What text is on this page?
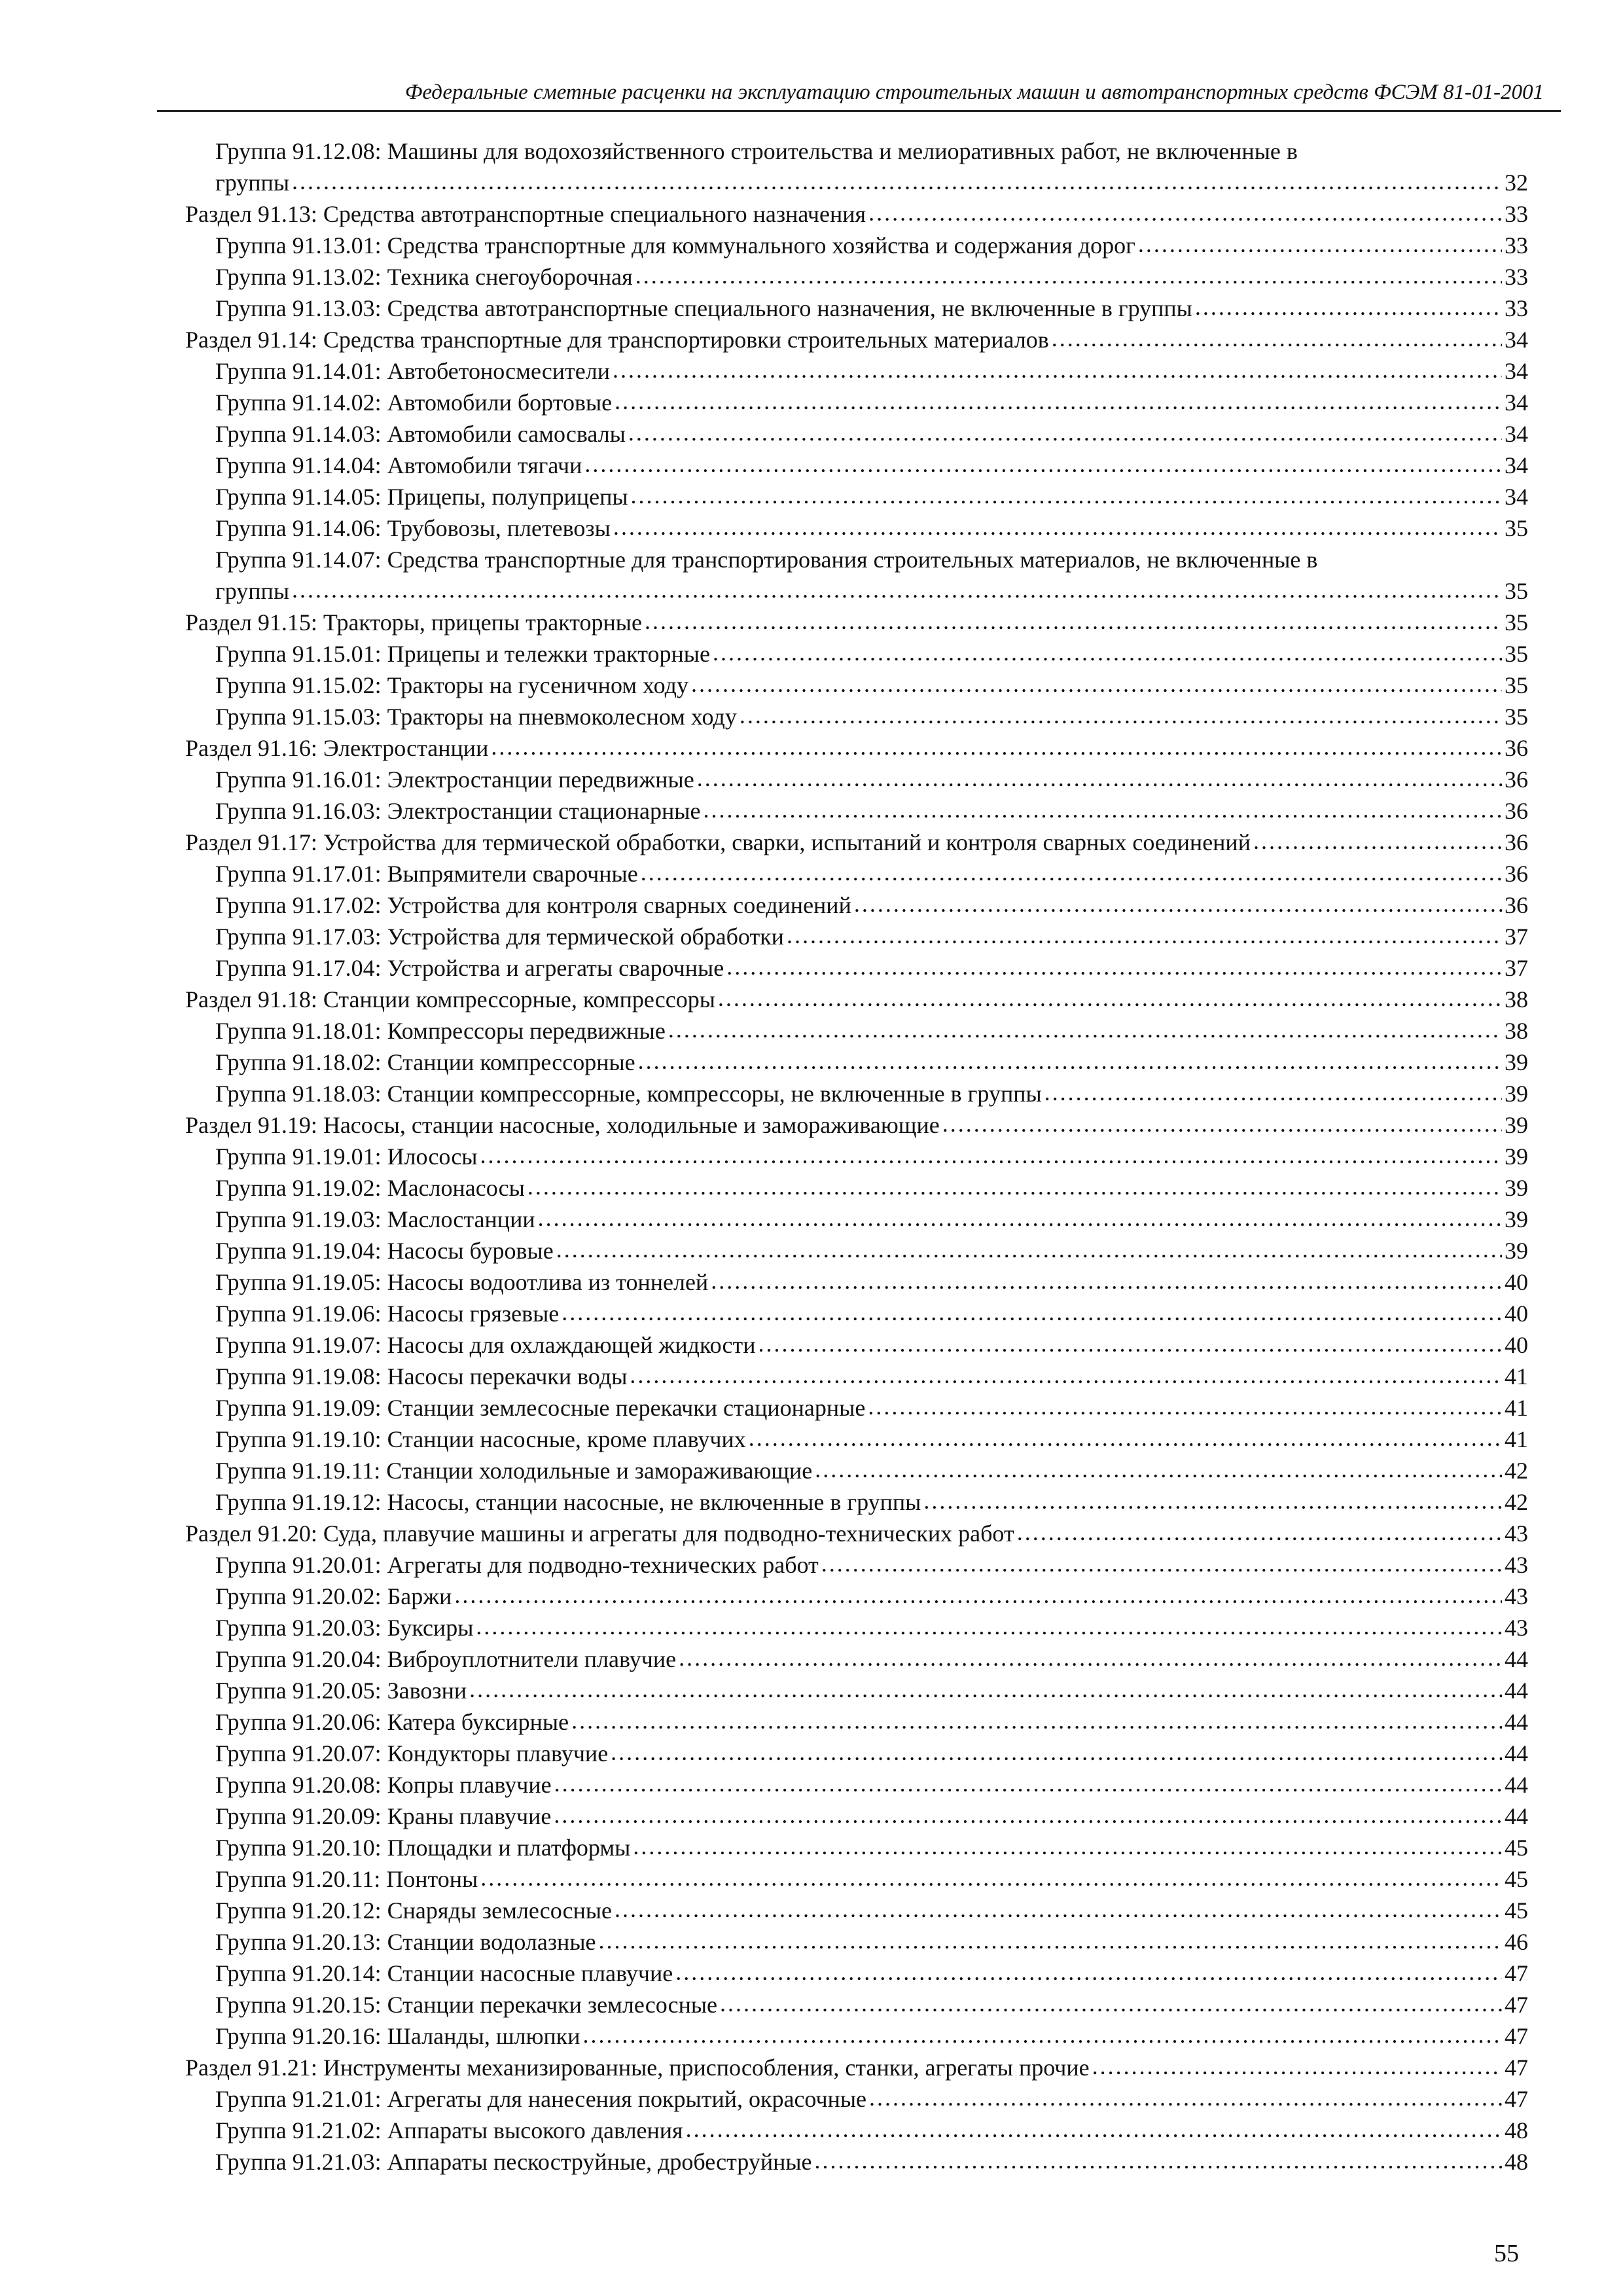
Федеральные сметные расценки на эксплуатацию строительных машин и автотранспортных средств ФСЭМ 81-01-2001
Группа 91.12.08: Машины для водохозяйственного строительства и мелиоративных работ, не включенные в
группы .....	32
Раздел 91.13: Средства автотранспортные специального назначения .....	33
Группа 91.13.01: Средства транспортные для коммунального хозяйства и содержания дорог .....	33
Группа 91.13.02: Техника снегоуборочная .....	33
Группа 91.13.03: Средства автотранспортные специального назначения, не включенные в группы .....	33
Раздел 91.14: Средства транспортные для транспортировки строительных материалов .....	34
Группа 91.14.01: Автобетоносмесители .....	34
Группа 91.14.02: Автомобили бортовые .....	34
Группа 91.14.03: Автомобили самосвалы .....	34
Группа 91.14.04: Автомобили тягачи .....	34
Группа 91.14.05: Прицепы, полуприцепы .....	34
Группа 91.14.06: Трубовозы, плетевозы .....	35
Группа 91.14.07: Средства транспортные для транспортирования строительных материалов, не включенные в
группы .....	35
Раздел 91.15: Тракторы, прицепы тракторные .....	35
Группа 91.15.01: Прицепы и тележки тракторные .....	35
Группа 91.15.02: Тракторы на гусеничном ходу .....	35
Группа 91.15.03: Тракторы на пневмоколесном ходу .....	35
Раздел 91.16: Электростанции .....	36
Группа 91.16.01: Электростанции передвижные .....	36
Группа 91.16.03: Электростанции стационарные .....	36
Раздел 91.17: Устройства для термической обработки, сварки, испытаний и контроля сварных соединений .....	36
Группа 91.17.01: Выпрямители сварочные .....	36
Группа 91.17.02: Устройства для контроля сварных соединений .....	36
Группа 91.17.03: Устройства для термической обработки .....	37
Группа 91.17.04: Устройства и агрегаты сварочные .....	37
Раздел 91.18: Станции компрессорные, компрессоры .....	38
Группа 91.18.01: Компрессоры передвижные .....	38
Группа 91.18.02: Станции компрессорные .....	39
Группа 91.18.03: Станции компрессорные, компрессоры, не включенные в группы .....	39
Раздел 91.19: Насосы, станции насосные, холодильные и замораживающие .....	39
Группа 91.19.01: Илососы .....	39
Группа 91.19.02: Маслонасосы .....	39
Группа 91.19.03: Маслостанции .....	39
Группа 91.19.04: Насосы буровые .....	39
Группа 91.19.05: Насосы водоотлива из тоннелей .....	40
Группа 91.19.06: Насосы грязевые .....	40
Группа 91.19.07: Насосы для охлаждающей жидкости .....	40
Группа 91.19.08: Насосы перекачки воды .....	41
Группа 91.19.09: Станции землесосные перекачки стационарные .....	41
Группа 91.19.10: Станции насосные, кроме плавучих .....	41
Группа 91.19.11: Станции холодильные и замораживающие .....	42
Группа 91.19.12: Насосы, станции насосные, не включенные в группы .....	42
Раздел 91.20: Суда, плавучие машины и агрегаты для подводно-технических работ .....	43
Группа 91.20.01: Агрегаты для подводно-технических работ .....	43
Группа 91.20.02: Баржи .....	43
Группа 91.20.03: Буксиры .....	43
Группа 91.20.04: Виброуплотнители плавучие .....	44
Группа 91.20.05: Завозни .....	44
Группа 91.20.06: Катера буксирные .....	44
Группа 91.20.07: Кондукторы плавучие .....	44
Группа 91.20.08: Копры плавучие .....	44
Группа 91.20.09: Краны плавучие .....	44
Группа 91.20.10: Площадки и платформы .....	45
Группа 91.20.11: Понтоны .....	45
Группа 91.20.12: Снаряды землесосные .....	45
Группа 91.20.13: Станции водолазные .....	46
Группа 91.20.14: Станции насосные плавучие .....	47
Группа 91.20.15: Станции перекачки землесосные .....	47
Группа 91.20.16: Шаланды, шлюпки .....	47
Раздел 91.21: Инструменты механизированные, приспособления, станки, агрегаты прочие .....	47
Группа 91.21.01: Агрегаты для нанесения покрытий, окрасочные .....	47
Группа 91.21.02: Аппараты высокого давления .....	48
Группа 91.21.03: Аппараты пескоструйные, дробеструйные .....	48
55
